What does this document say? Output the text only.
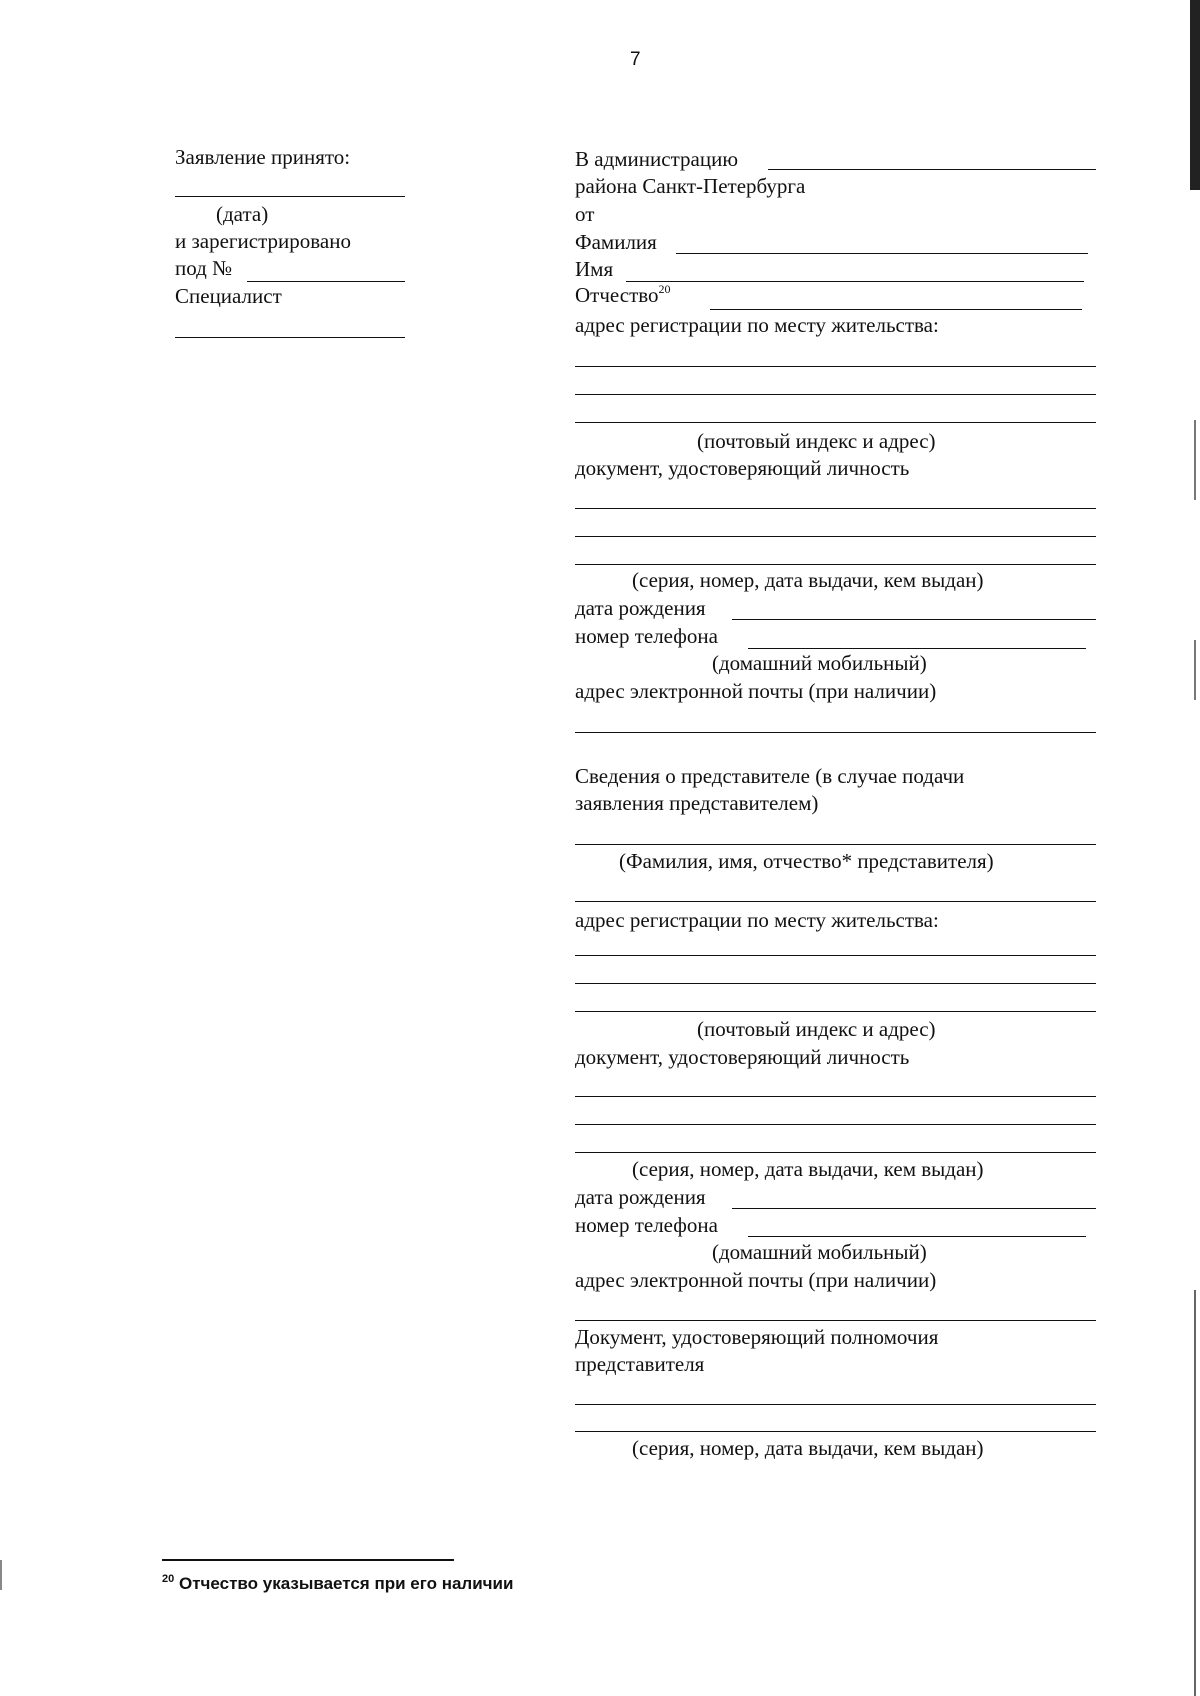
7
Заявление принято:
(дата)
и зарегистрировано
под №
Специалист
В администрацию
района Санкт-Петербурга
от
Фамилия
Имя
Отчество$^{20}$
адрес регистрации по месту жительства:
(почтовый индекс и адрес)
документ, удостоверяющий личность
(серия, номер, дата выдачи, кем выдан)
дата рождения
номер телефона
(домашний мобильный)
адрес электронной почты (при наличии)
Сведения о представителе (в случае подачи
заявления представителем)
(Фамилия, имя, отчество* представителя)
адрес регистрации по месту жительства:
(почтовый индекс и адрес)
документ, удостоверяющий личность
(серия, номер, дата выдачи, кем выдан)
дата рождения
номер телефона
(домашний мобильный)
адрес электронной почты (при наличии)
Документ, удостоверяющий полномочия
представителя
(серия, номер, дата выдачи, кем выдан)
$^{20}$ Отчество указывается при его наличии
